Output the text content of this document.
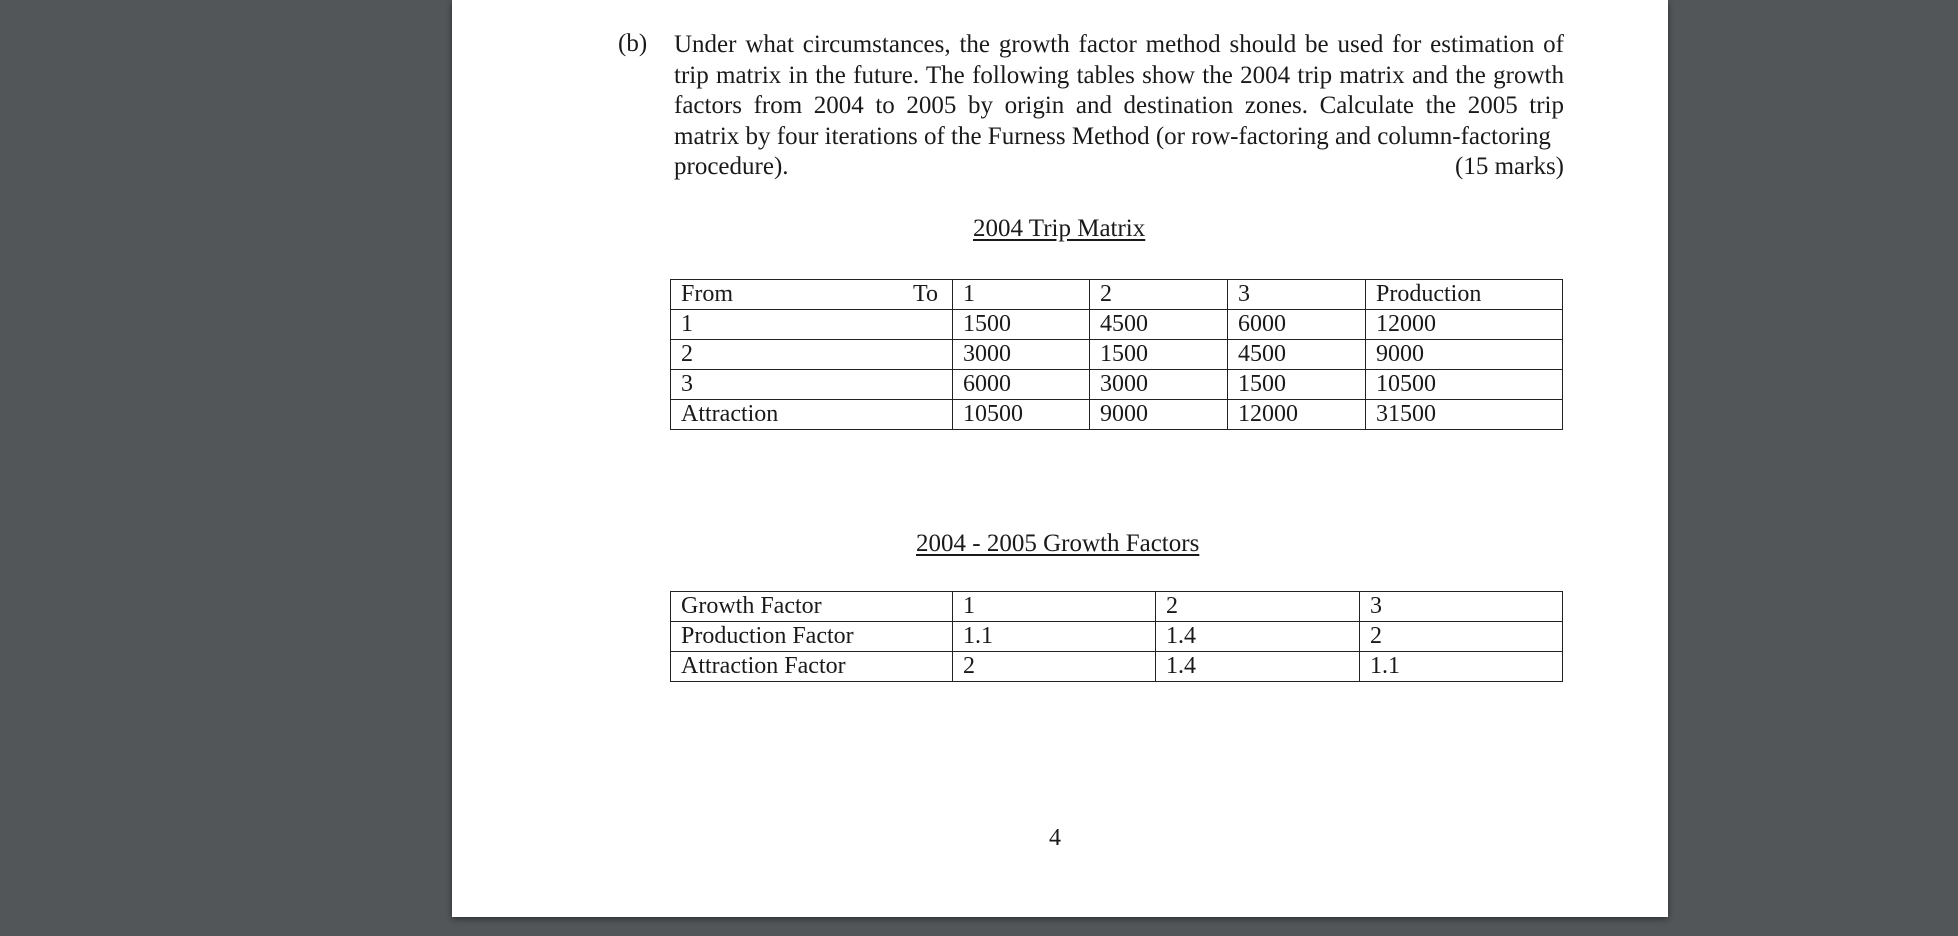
(b) Under what circumstances, the growth factor method should be used for estimation of trip matrix in the future. The following tables show the 2004 trip matrix and the growth factors from 2004 to 2005 by origin and destination zones. Calculate the 2005 trip matrix by four iterations of the Furness Method (or row-factoring and column-factoring
procedure).	(15 marks)
2004 Trip Matrix
From To	1	2	3	Production
1	1500	4500	6000	12000
2	3000	1500	4500	9000
3	6000	3000	1500	10500
Attraction	10500	9000	12000	31500
2004 - 2005 Growth Factors
Growth Factor	1	2	3
Production Factor	1.1	1.4	2
Attraction Factor	2	1.4	1.1
4
